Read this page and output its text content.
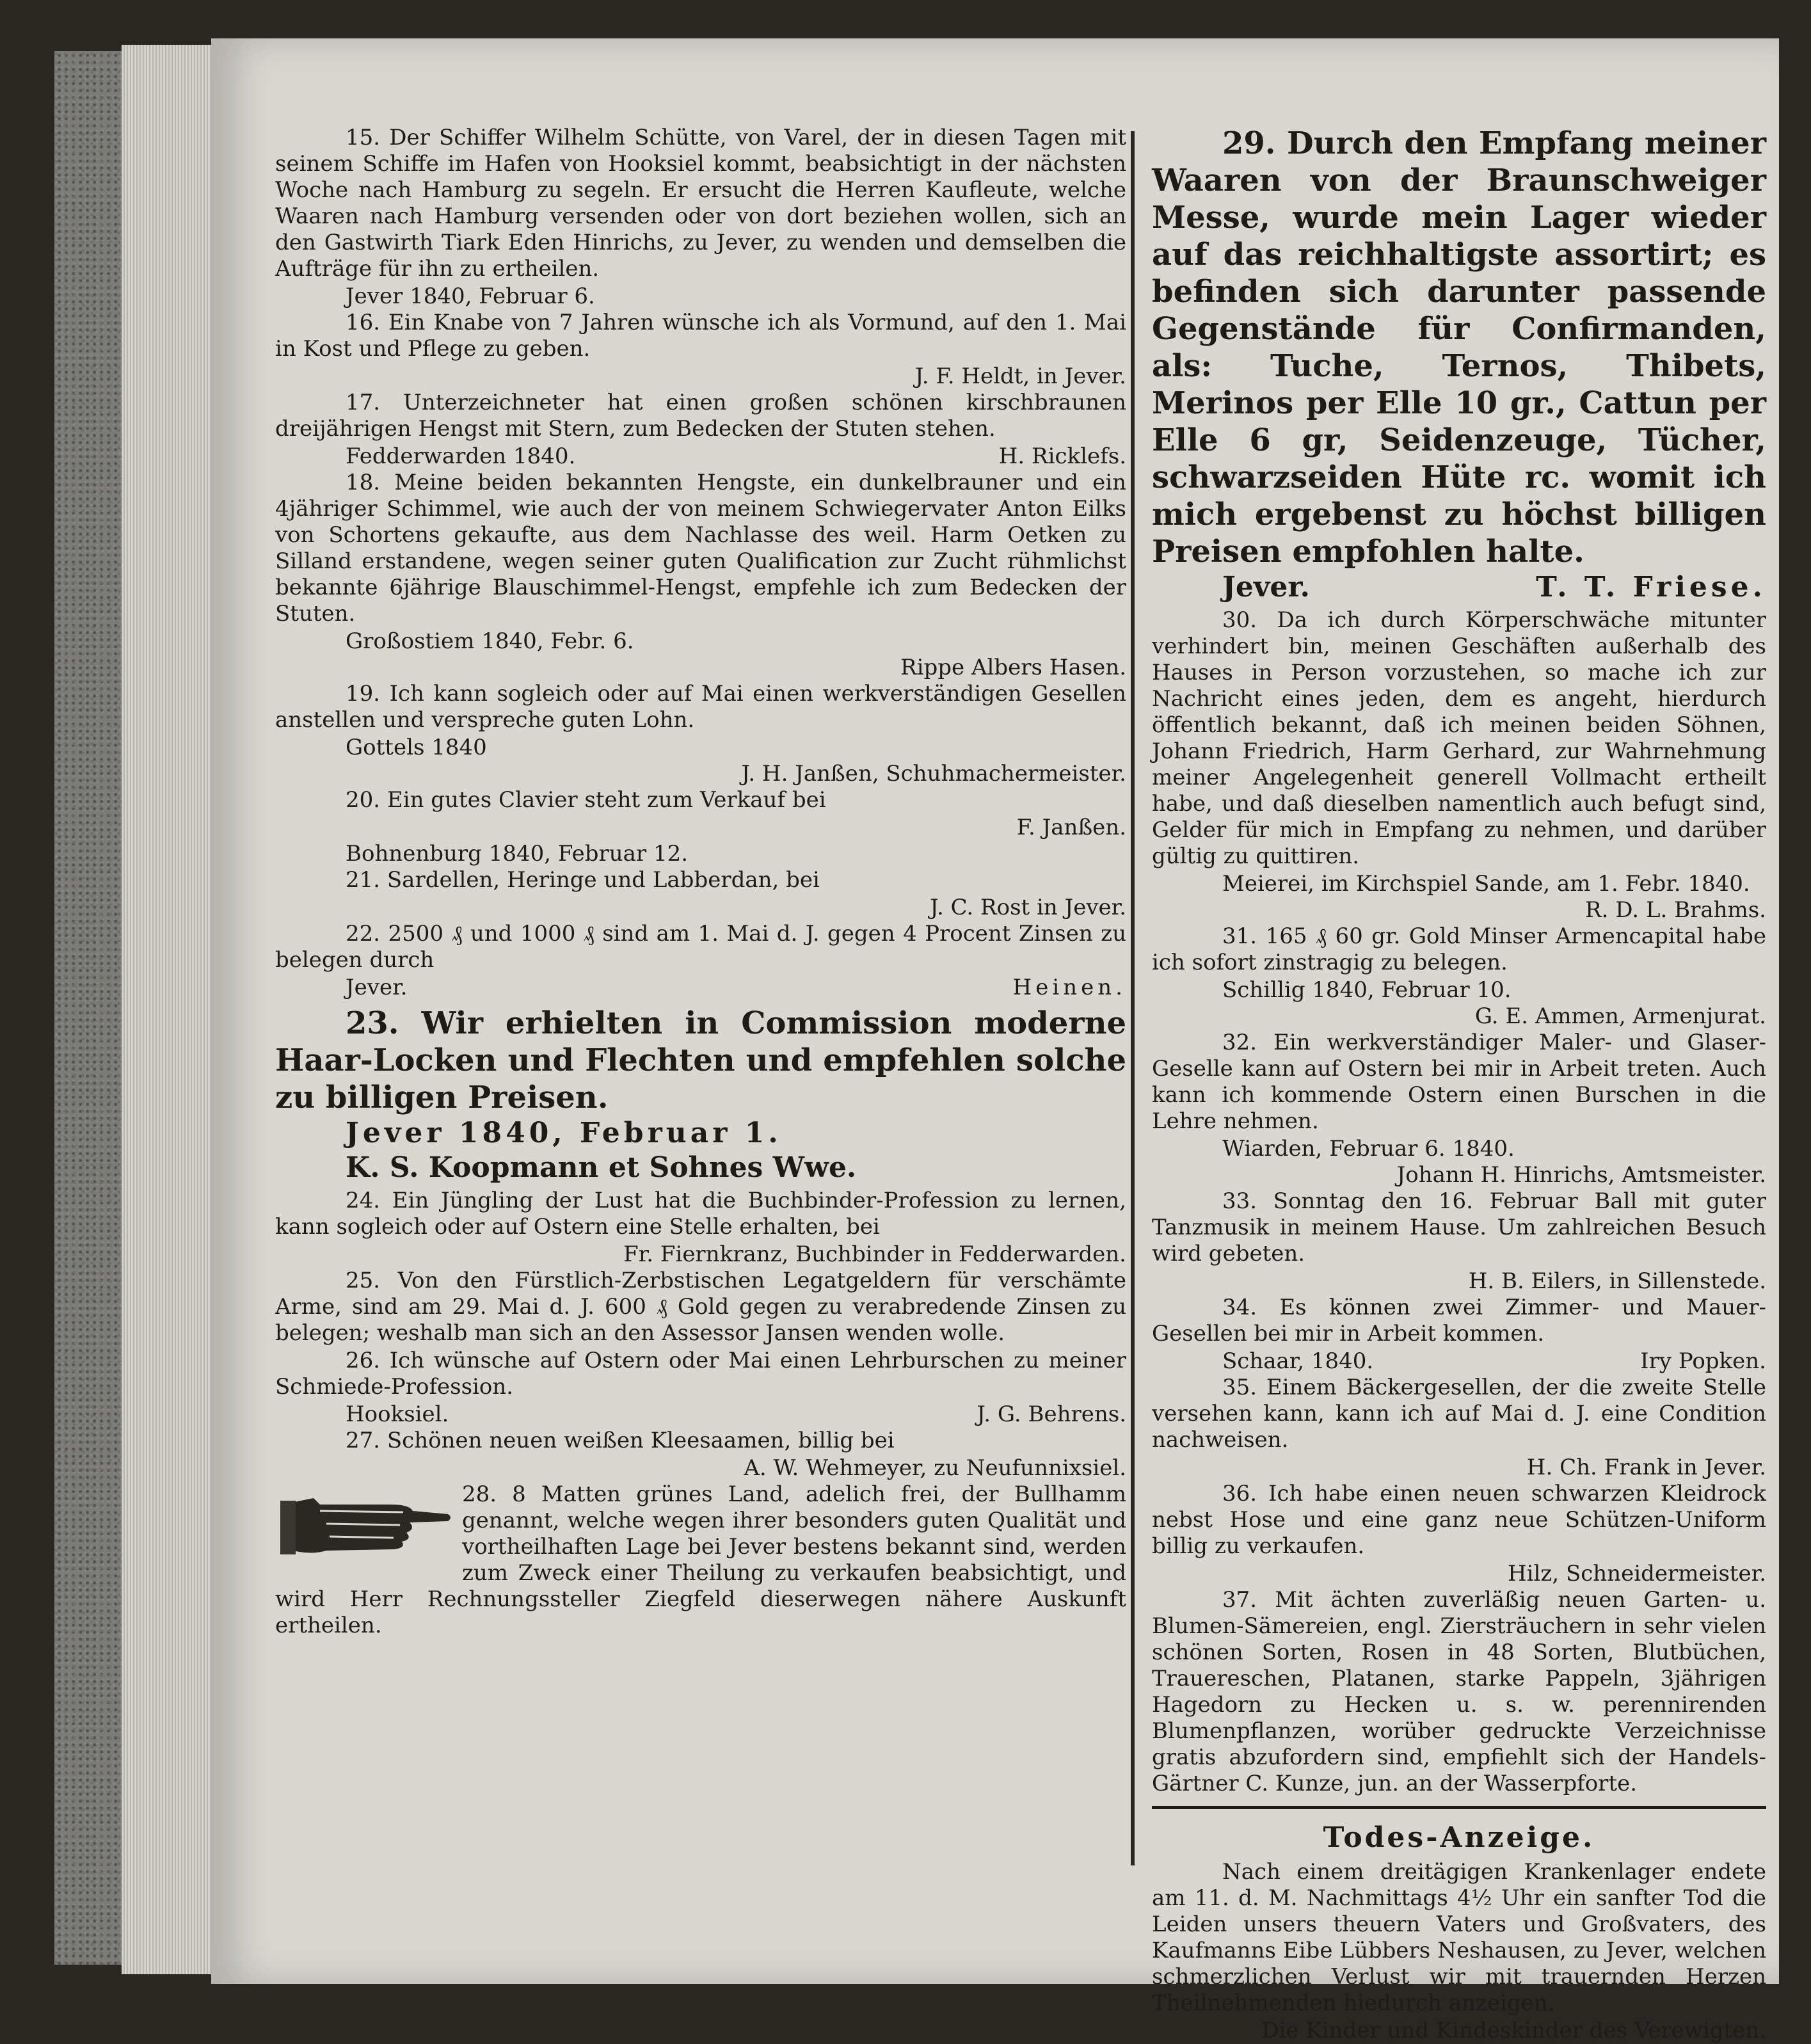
15. Der Schiffer Wilhelm Schütte, von Varel, der in diesen Tagen mit seinem Schiffe im Hafen von Hooksiel kommt, beabsichtigt in der nächsten Woche nach Hamburg zu segeln. Er ersucht die Herren Kaufleute, welche Waaren nach Hamburg versenden oder von dort beziehen wollen, sich an den Gastwirth Tiark Eden Hinrichs, zu Jever, zu wenden und demselben die Aufträge für ihn zu ertheilen.

Jever 1840, Februar 6.

16. Ein Knabe von 7 Jahren wünsche ich als Vormund, auf den 1. Mai in Kost und Pflege zu geben.

J. F. Heldt, in Jever.

17. Unterzeichneter hat einen großen schönen kirschbraunen dreijährigen Hengst mit Stern, zum Bedecken der Stuten stehen.

Fedderwarden 1840.	H. Ricklefs.

18. Meine beiden bekannten Hengste, ein dunkelbrauner und ein 4jähriger Schimmel, wie auch der von meinem Schwiegervater Anton Eilks von Schortens gekaufte, aus dem Nachlasse des weil. Harm Oetken zu Silland erstandene, wegen seiner guten Qualification zur Zucht rühmlichst bekannte 6jährige Blauschimmel-Hengst, empfehle ich zum Bedecken der Stuten.

Großostiem 1840, Febr. 6.

Rippe Albers Hasen.

19. Ich kann sogleich oder auf Mai einen werkverständigen Gesellen anstellen und verspreche guten Lohn.

Gottels 1840

J. H. Janßen, Schuhmachermeister.

20. Ein gutes Clavier steht zum Verkauf bei

F. Janßen.

Bohnenburg 1840, Februar 12.

21. Sardellen, Heringe und Labberdan, bei

J. C. Rost in Jever.

22. 2500 ₰ und 1000 ₰ sind am 1. Mai d. J. gegen 4 Procent Zinsen zu belegen durch

Jever.	Heinen.

23. Wir erhielten in Commission moderne Haar-Locken und Flechten und empfehlen solche zu billigen Preisen.

Jever 1840, Februar 1.

K. S. Koopmann et Sohnes Wwe.

24. Ein Jüngling der Lust hat die Buchbinder-Profession zu lernen, kann sogleich oder auf Ostern eine Stelle erhalten, bei

Fr. Fiernkranz, Buchbinder in Fedderwarden.

25. Von den Fürstlich-Zerbstischen Legatgeldern für verschämte Arme, sind am 29. Mai d. J. 600 ₰ Gold gegen zu verabredende Zinsen zu belegen; weshalb man sich an den Assessor Jansen wenden wolle.

26. Ich wünsche auf Ostern oder Mai einen Lehrburschen zu meiner Schmiede-Profession.

Hooksiel.	J. G. Behrens.

27. Schönen neuen weißen Kleesaamen, billig bei

A. W. Wehmeyer, zu Neufunnixsiel.

28. 8 Matten grünes Land, adelich frei, der Bullhamm genannt, welche wegen ihrer besonders guten Qualität und vortheilhaften Lage bei Jever bestens bekannt sind, werden zum Zweck einer Theilung zu verkaufen beabsichtigt, und wird Herr Rechnungssteller Ziegfeld dieserwegen nähere Auskunft ertheilen.

29. Durch den Empfang meiner Waaren von der Braunschweiger Messe, wurde mein Lager wieder auf das reichhaltigste assortirt; es befinden sich darunter passende Gegenstände für Confirmanden, als: Tuche, Ternos, Thibets, Merinos per Elle 10 gr., Cattun per Elle 6 gr, Seidenzeuge, Tücher, schwarzseiden Hüte rc. womit ich mich ergebenst zu höchst billigen Preisen empfohlen halte.

Jever.	T. T. Friese.

30. Da ich durch Körperschwäche mitunter verhindert bin, meinen Geschäften außerhalb des Hauses in Person vorzustehen, so mache ich zur Nachricht eines jeden, dem es angeht, hierdurch öffentlich bekannt, daß ich meinen beiden Söhnen, Johann Friedrich, Harm Gerhard, zur Wahrnehmung meiner Angelegenheit generell Vollmacht ertheilt habe, und daß dieselben namentlich auch befugt sind, Gelder für mich in Empfang zu nehmen, und darüber gültig zu quittiren.

Meierei, im Kirchspiel Sande, am 1. Febr. 1840.

R. D. L. Brahms.

31. 165 ₰ 60 gr. Gold Minser Armencapital habe ich sofort zinstragig zu belegen.

Schillig 1840, Februar 10.

G. E. Ammen, Armenjurat.

32. Ein werkverständiger Maler- und Glaser-Geselle kann auf Ostern bei mir in Arbeit treten. Auch kann ich kommende Ostern einen Burschen in die Lehre nehmen.

Wiarden, Februar 6. 1840.

Johann H. Hinrichs, Amtsmeister.

33. Sonntag den 16. Februar Ball mit guter Tanzmusik in meinem Hause. Um zahlreichen Besuch wird gebeten.

H. B. Eilers, in Sillenstede.

34. Es können zwei Zimmer- und Mauer-Gesellen bei mir in Arbeit kommen.

Schaar, 1840.	Iry Popken.

35. Einem Bäckergesellen, der die zweite Stelle versehen kann, kann ich auf Mai d. J. eine Condition nachweisen.

H. Ch. Frank in Jever.

36. Ich habe einen neuen schwarzen Kleidrock nebst Hose und eine ganz neue Schützen-Uniform billig zu verkaufen.

Hilz, Schneidermeister.

37. Mit ächten zuverläßig neuen Garten- u. Blumen-Sämereien, engl. Ziersträuchern in sehr vielen schönen Sorten, Rosen in 48 Sorten, Blutbüchen, Trauereschen, Platanen, starke Pappeln, 3jährigen Hagedorn zu Hecken u. s. w. perennirenden Blumenpflanzen, worüber gedruckte Verzeichnisse gratis abzufordern sind, empfiehlt sich der Handels-Gärtner C. Kunze, jun. an der Wasserpforte.

Todes-Anzeige.

Nach einem dreitägigen Krankenlager endete am 11. d. M. Nachmittags 4½ Uhr ein sanfter Tod die Leiden unsers theuern Vaters und Großvaters, des Kaufmanns Eibe Lübbers Neshausen, zu Jever, welchen schmerzlichen Verlust wir mit trauernden Herzen Theilnehmenden hiedurch anzeigen.

Die Kinder und Kindeskinder des Verewigten.
